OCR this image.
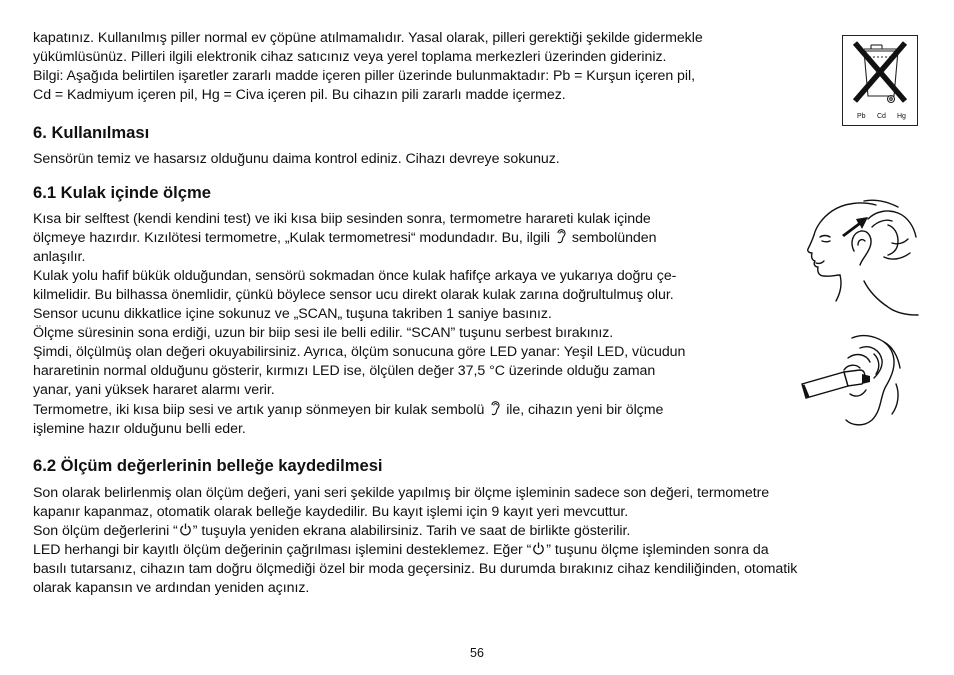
kapatınız. Kullanılmış piller normal ev çöpüne atılmamalıdır. Yasal olarak, pilleri gerektiği şekilde gidermekle

yükümlüsünüz. Pilleri ilgili elektronik cihaz satıcınız veya yerel toplama merkezleri üzerinden gideriniz.

Bilgi: Aşağıda belirtilen işaretler zararlı madde içeren piller üzerinde bulunmaktadır: Pb = Kurşun içeren pil,

Cd = Kadmiyum içeren pil, Hg = Civa içeren pil. Bu cihazın pili zararlı madde içermez.

Pb Cd Hg
6. Kullanılması

Sensörün temiz ve hasarsız olduğunu daima kontrol ediniz. Cihazı devreye sokunuz.

6.1 Kulak içinde ölçme

Kısa bir selftest (kendi kendini test) ve iki kısa biip sesinden sonra, termometre harareti kulak içinde

ölçmeye hazırdır. Kızılötesi termometre, „Kulak termometresi“ modundadır. Bu, ilgili sembolünden

anlaşılır.

Kulak yolu hafif bükük olduğundan, sensörü sokmadan önce kulak hafifçe arkaya ve yukarıya doğru çe-

kilmelidir. Bu bilhassa önemlidir, çünkü böylece sensor ucu direkt olarak kulak zarına doğrultulmuş olur.

Sensor ucunu dikkatlice içine sokunuz ve „SCAN„ tuşuna takriben 1 saniye basınız.

Ölçme süresinin sona erdiği, uzun bir biip sesi ile belli edilir. “SCAN” tuşunu serbest bırakınız.

Şimdi, ölçülmüş olan değeri okuyabilirsiniz. Ayrıca, ölçüm sonucuna göre LED yanar: Yeşil LED, vücudun

hararetinin normal olduğunu gösterir, kırmızı LED ise, ölçülen değer 37,5 °C üzerinde olduğu zaman

yanar, yani yüksek hararet alarmı verir.

Termometre, iki kısa biip sesi ve artık yanıp sönmeyen bir kulak sembolü ile, cihazın yeni bir ölçme

işlemine hazır olduğunu belli eder.

6.2 Ölçüm değerlerinin belleğe kaydedilmesi

Son olarak belirlenmiş olan ölçüm değeri, yani seri şekilde yapılmış bir ölçme işleminin sadece son değeri, termometre

kapanır kapanmaz, otomatik olarak belleğe kaydedilir. Bu kayıt işlemi için 9 kayıt yeri mevcuttur.

Son ölçüm değerlerini “ ” tuşuyla yeniden ekrana alabilirsiniz. Tarih ve saat de birlikte gösterilir.

LED herhangi bir kayıtlı ölçüm değerinin çağrılması işlemini desteklemez. Eğer “ ” tuşunu ölçme işleminden sonra da

basılı tutarsanız, cihazın tam doğru ölçmediği özel bir moda geçersiniz. Bu durumda bırakınız cihaz kendiliğinden, otomatik

olarak kapansın ve ardından yeniden açınız.

56
